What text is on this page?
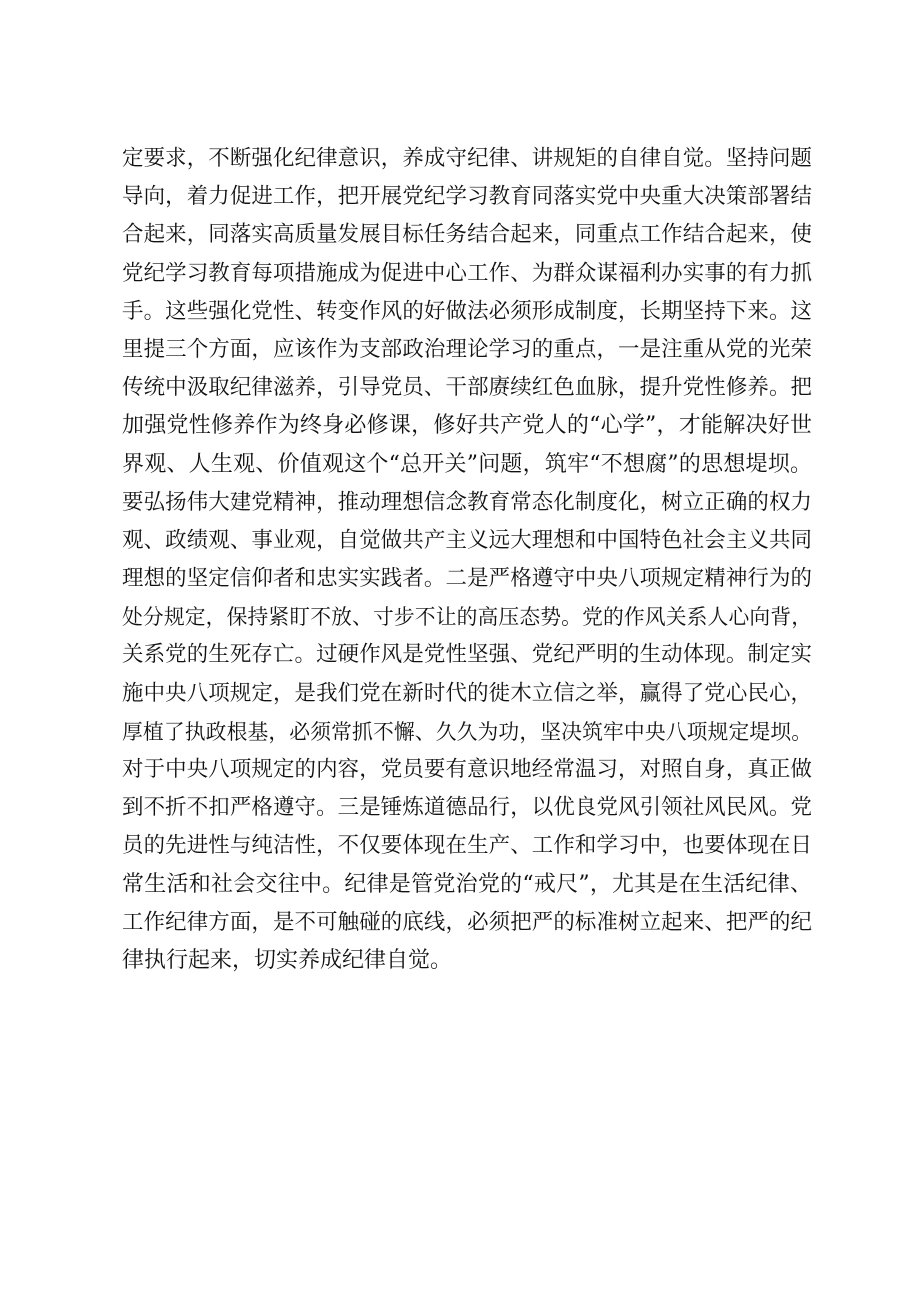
定要求，不断强化纪律意识，养成守纪律、讲规矩的自律自觉。坚持问题
导向，着力促进工作，把开展党纪学习教育同落实党中央重大决策部署结
合起来，同落实高质量发展目标任务结合起来，同重点工作结合起来，使
党纪学习教育每项措施成为促进中心工作、为群众谋福利办实事的有力抓
手。这些强化党性、转变作风的好做法必须形成制度，长期坚持下来。这
里提三个方面，应该作为支部政治理论学习的重点，一是注重从党的光荣
传统中汲取纪律滋养，引导党员、干部赓续红色血脉，提升党性修养。把
加强党性修养作为终身必修课，修好共产党人的“心学”，才能解决好世
界观、人生观、价值观这个“总开关”问题，筑牢“不想腐”的思想堤坝。
要弘扬伟大建党精神，推动理想信念教育常态化制度化，树立正确的权力
观、政绩观、事业观，自觉做共产主义远大理想和中国特色社会主义共同
理想的坚定信仰者和忠实实践者。二是严格遵守中央八项规定精神行为的
处分规定，保持紧盯不放、寸步不让的高压态势。党的作风关系人心向背，
关系党的生死存亡。过硬作风是党性坚强、党纪严明的生动体现。制定实
施中央八项规定，是我们党在新时代的徙木立信之举，赢得了党心民心，
厚植了执政根基，必须常抓不懈、久久为功，坚决筑牢中央八项规定堤坝。
对于中央八项规定的内容，党员要有意识地经常温习，对照自身，真正做
到不折不扣严格遵守。三是锤炼道德品行，以优良党风引领社风民风。党
员的先进性与纯洁性，不仅要体现在生产、工作和学习中，也要体现在日
常生活和社会交往中。纪律是管党治党的“戒尺”，尤其是在生活纪律、
工作纪律方面，是不可触碰的底线，必须把严的标准树立起来、把严的纪
律执行起来，切实养成纪律自觉。
